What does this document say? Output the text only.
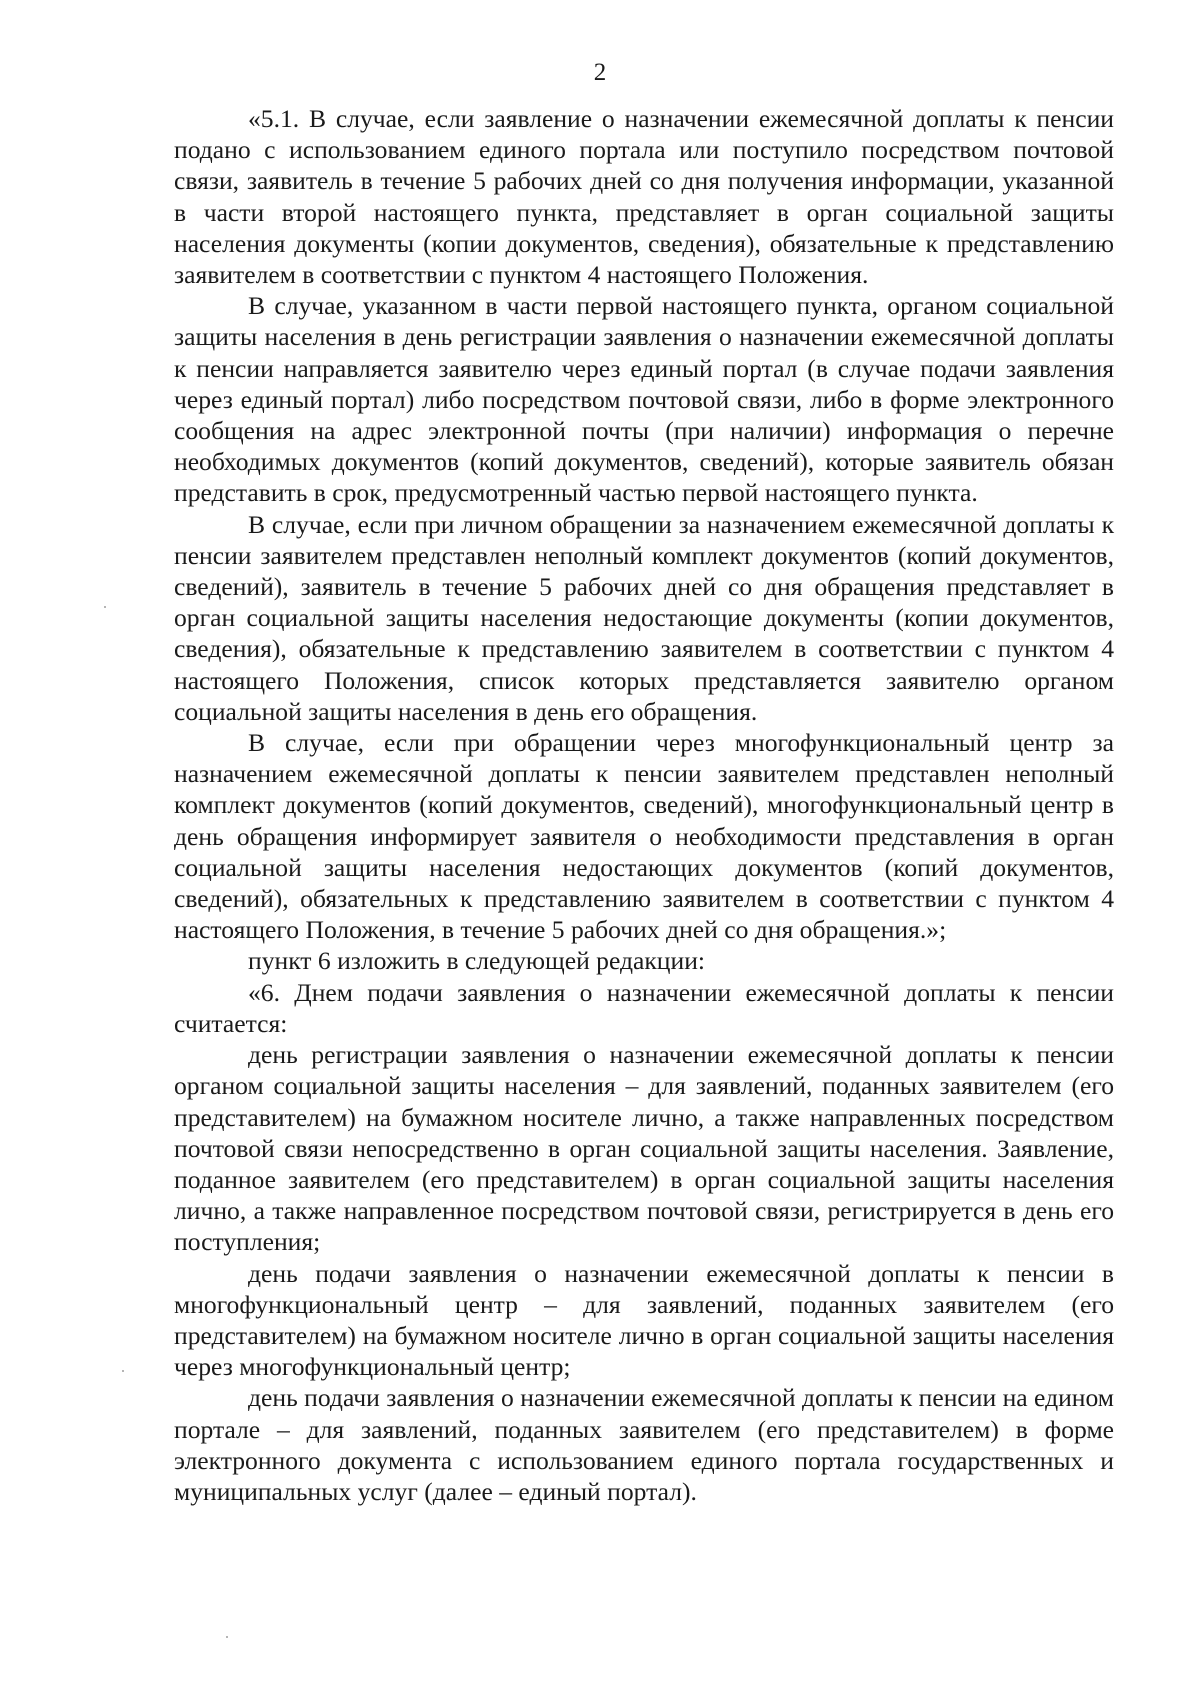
2

«5.1. В случае, если заявление о назначении ежемесячной доплаты к пенсии подано с использованием единого портала или поступило посредством почтовой связи, заявитель в течение 5 рабочих дней со дня получения информации, указанной в части второй настоящего пункта, представляет в орган социальной защиты населения документы (копии документов, сведения), обязательные к представлению заявителем в соответствии с пунктом 4 настоящего Положения.

В случае, указанном в части первой настоящего пункта, органом социальной защиты населения в день регистрации заявления о назначении ежемесячной доплаты к пенсии направляется заявителю через единый портал (в случае подачи заявления через единый портал) либо посредством почтовой связи, либо в форме электронного сообщения на адрес электронной почты (при наличии) информация о перечне необходимых документов (копий документов, сведений), которые заявитель обязан представить в срок, предусмотренный частью первой настоящего пункта.

В случае, если при личном обращении за назначением ежемесячной доплаты к пенсии заявителем представлен неполный комплект документов (копий документов, сведений), заявитель в течение 5 рабочих дней со дня обращения представляет в орган социальной защиты населения недостающие документы (копии документов, сведения), обязательные к представлению заявителем в соответствии с пунктом 4 настоящего Положения, список которых представляется заявителю органом социальной защиты населения в день его обращения.

В случае, если при обращении через многофункциональный центр за назначением ежемесячной доплаты к пенсии заявителем представлен неполный комплект документов (копий документов, сведений), многофункциональный центр в день обращения информирует заявителя о необходимости представления в орган социальной защиты населения недостающих документов (копий документов, сведений), обязательных к представлению заявителем в соответствии с пунктом 4 настоящего Положения, в течение 5 рабочих дней со дня обращения.»;

пункт 6 изложить в следующей редакции:

«6. Днем подачи заявления о назначении ежемесячной доплаты к пенсии считается:

день регистрации заявления о назначении ежемесячной доплаты к пенсии органом социальной защиты населения – для заявлений, поданных заявителем (его представителем) на бумажном носителе лично, а также направленных посредством почтовой связи непосредственно в орган социальной защиты населения. Заявление, поданное заявителем (его представителем) в орган социальной защиты населения лично, а также направленное посредством почтовой связи, регистрируется в день его поступления;

день подачи заявления о назначении ежемесячной доплаты к пенсии в многофункциональный центр – для заявлений, поданных заявителем (его представителем) на бумажном носителе лично в орган социальной защиты населения через многофункциональный центр;

день подачи заявления о назначении ежемесячной доплаты к пенсии на едином портале – для заявлений, поданных заявителем (его представителем) в форме электронного документа с использованием единого портала государственных и муниципальных услуг (далее – единый портал).
